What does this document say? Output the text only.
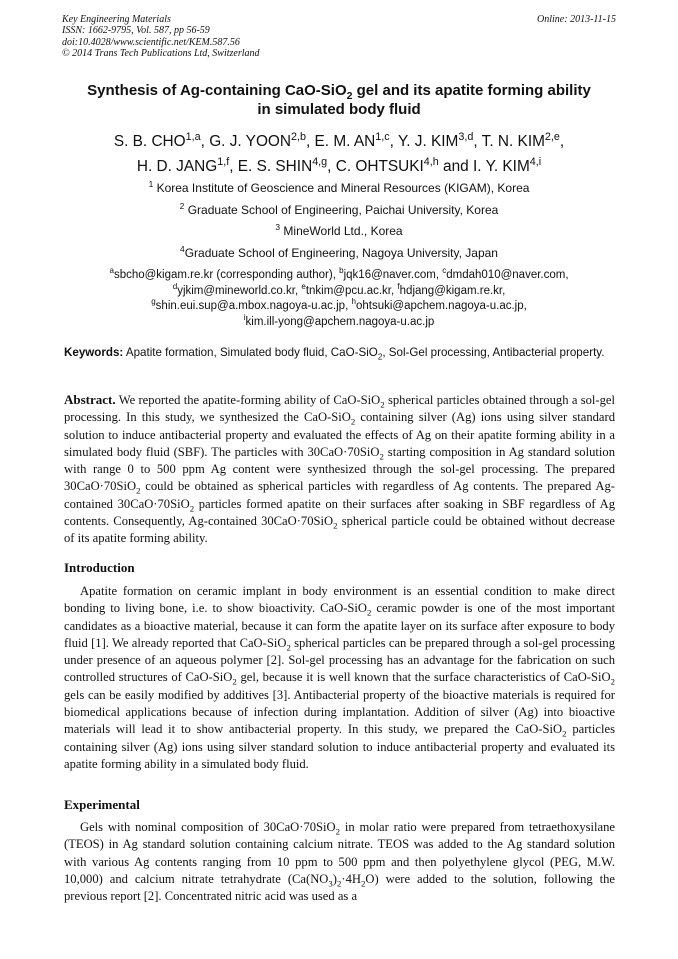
Key Engineering Materials
ISSN: 1662-9795, Vol. 587, pp 56-59
doi:10.4028/www.scientific.net/KEM.587.56
© 2014 Trans Tech Publications Ltd, Switzerland
Online: 2013-11-15
Synthesis of Ag-containing CaO-SiO$_2$ gel and its apatite forming ability
in simulated body fluid
S. B. CHO$^{1,a}$, G. J. YOON$^{2,b}$, E. M. AN$^{1,c}$, Y. J. KIM$^{3,d}$, T. N. KIM$^{2,e}$,
H. D. JANG$^{1,f}$, E. S. SHIN$^{4,g}$, C. OHTSUKI$^{4,h}$ and I. Y. KIM$^{4,i}$
$^1$ Korea Institute of Geoscience and Mineral Resources (KIGAM), Korea
$^2$ Graduate School of Engineering, Paichai University, Korea
$^3$ MineWorld Ltd., Korea
$^4$Graduate School of Engineering, Nagoya University, Japan
$^a$sbcho@kigam.re.kr (corresponding author), $^b$jqk16@naver.com, $^c$dmdah010@naver.com,
$^d$yjkim@mineworld.co.kr, $^e$tnkim@pcu.ac.kr, $^f$hdjang@kigam.re.kr,
$^g$shin.eui.sup@a.mbox.nagoya-u.ac.jp, $^h$ohtsuki@apchem.nagoya-u.ac.jp,
$^i$kim.ill-yong@apchem.nagoya-u.ac.jp
Keywords: Apatite formation, Simulated body fluid, CaO-SiO$_2$, Sol-Gel processing, Antibacterial property.
Abstract. We reported the apatite-forming ability of CaO-SiO$_2$ spherical particles obtained through a sol-gel processing. In this study, we synthesized the CaO-SiO$_2$ containing silver (Ag) ions using silver standard solution to induce antibacterial property and evaluated the effects of Ag on their apatite forming ability in a simulated body fluid (SBF). The particles with 30CaO·70SiO$_2$ starting composition in Ag standard solution with range 0 to 500 ppm Ag content were synthesized through the sol-gel processing. The prepared 30CaO·70SiO$_2$ could be obtained as spherical particles with regardless of Ag contents. The prepared Ag-contained 30CaO·70SiO$_2$ particles formed apatite on their surfaces after soaking in SBF regardless of Ag contents. Consequently, Ag-contained 30CaO·70SiO$_2$ spherical particle could be obtained without decrease of its apatite forming ability.
Introduction
Apatite formation on ceramic implant in body environment is an essential condition to make direct bonding to living bone, i.e. to show bioactivity. CaO-SiO$_2$ ceramic powder is one of the most important candidates as a bioactive material, because it can form the apatite layer on its surface after exposure to body fluid [1]. We already reported that CaO-SiO$_2$ spherical particles can be prepared through a sol-gel processing under presence of an aqueous polymer [2]. Sol-gel processing has an advantage for the fabrication on such controlled structures of CaO-SiO$_2$ gel, because it is well known that the surface characteristics of CaO-SiO$_2$ gels can be easily modified by additives [3]. Antibacterial property of the bioactive materials is required for biomedical applications because of infection during implantation. Addition of silver (Ag) into bioactive materials will lead it to show antibacterial property. In this study, we prepared the CaO-SiO$_2$ particles containing silver (Ag) ions using silver standard solution to induce antibacterial property and evaluated its apatite forming ability in a simulated body fluid.
Experimental
Gels with nominal composition of 30CaO·70SiO$_2$ in molar ratio were prepared from tetraethoxysilane (TEOS) in Ag standard solution containing calcium nitrate. TEOS was added to the Ag standard solution with various Ag contents ranging from 10 ppm to 500 ppm and then polyethylene glycol (PEG, M.W. 10,000) and calcium nitrate tetrahydrate $(Ca(NO_3)_2\cdot 4H_2O)$ were added to the solution, following the previous report [2]. Concentrated nitric acid was used as a
